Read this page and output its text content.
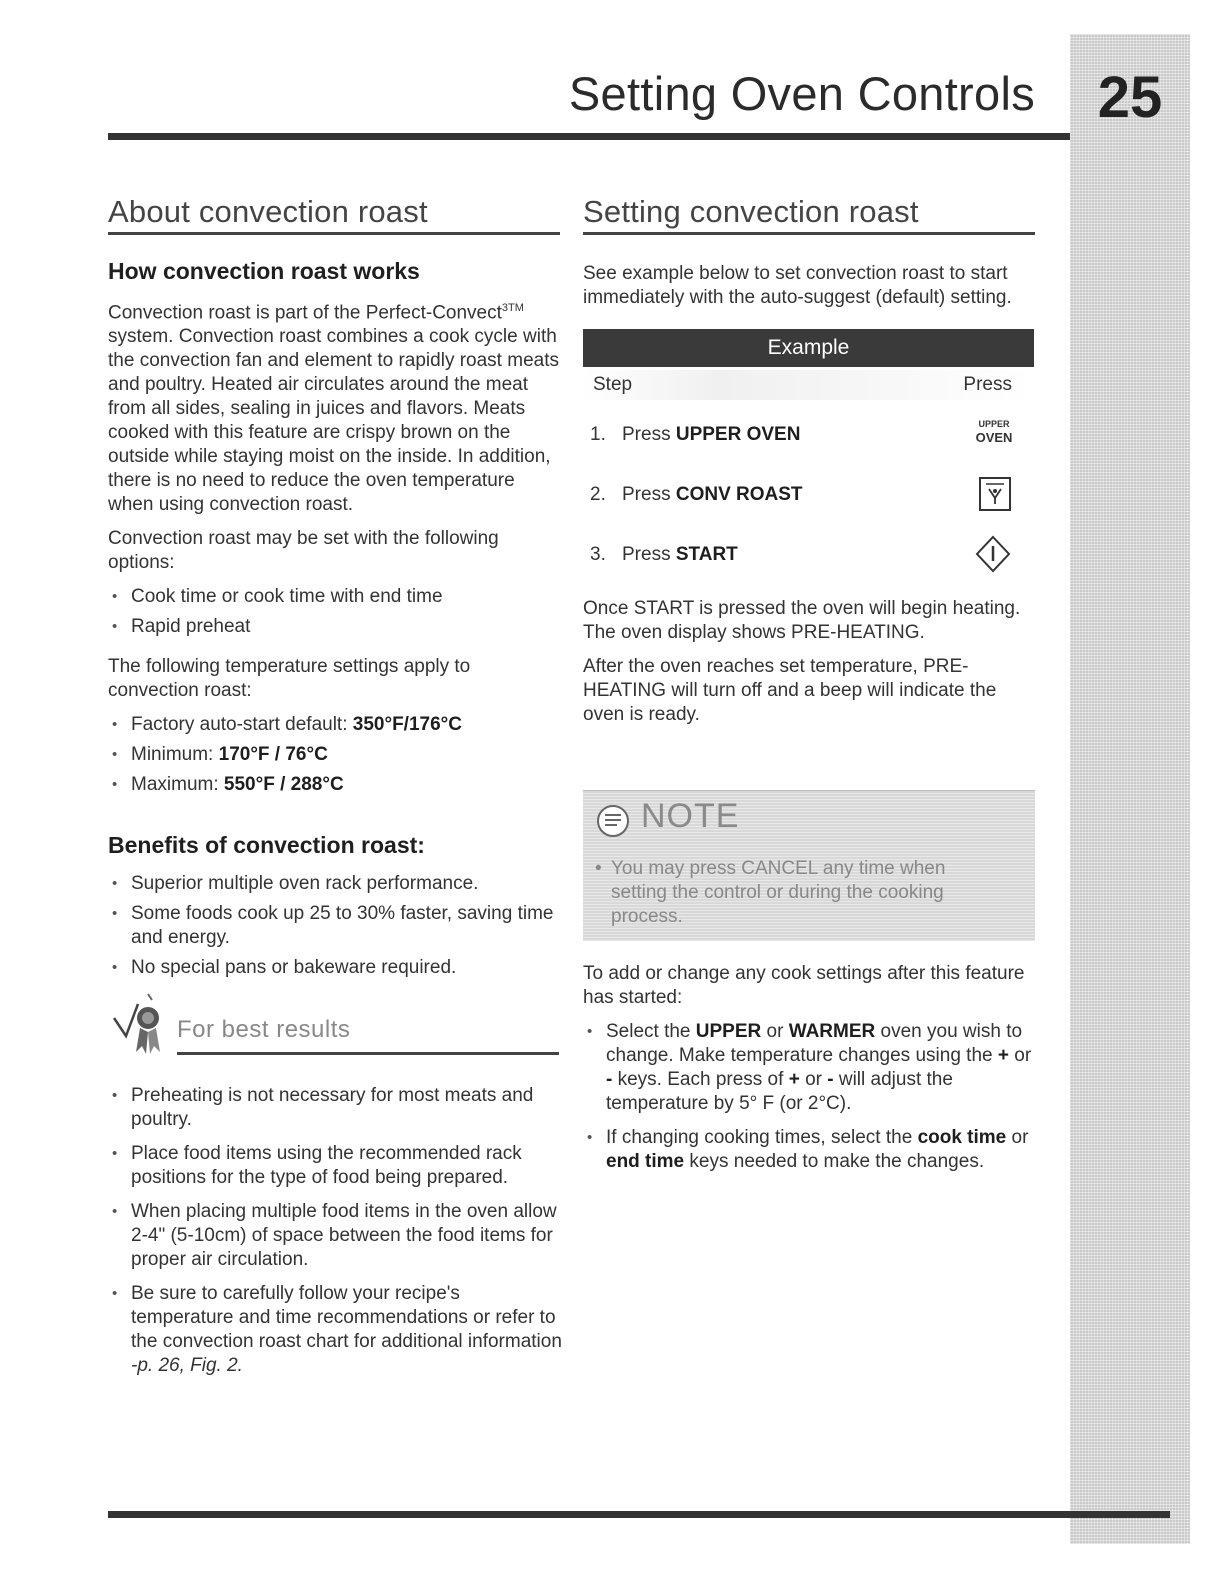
25
Setting Oven Controls
About convection roast
How convection roast works

Convection roast is part of the Perfect-Convect$^{3TM}$ system. Convection roast combines a cook cycle with the convection fan and element to rapidly roast meats and poultry. Heated air circulates around the meat from all sides, sealing in juices and flavors. Meats cooked with this feature are crispy brown on the outside while staying moist on the inside. In addition, there is no need to reduce the oven temperature when using convection roast.

Convection roast may be set with the following options:

• Cook time or cook time with end time
• Rapid preheat

The following temperature settings apply to convection roast:

• Factory auto-start default: 350°F/176°C
• Minimum: 170°F / 76°C
• Maximum: 550°F / 288°C
Benefits of convection roast:
• Superior multiple oven rack performance.
• Some foods cook up 25 to 30% faster, saving time and energy.
• No special pans or bakeware required.
For best results
• Preheating is not necessary for most meats and poultry.
• Place food items using the recommended rack positions for the type of food being prepared.
• When placing multiple food items in the oven allow 2-4" (5-10cm) of space between the food items for proper air circulation.
• Be sure to carefully follow your recipe's temperature and time recommendations or refer to the convection roast chart for additional information -p. 26, Fig. 2.
Setting convection roast
See example below to set convection roast to start immediately with the auto-suggest (default) setting.
Example
Step	Press
1. Press UPPER OVEN	UPPER
OVEN
2. Press CONV ROAST
3. Press START

Once START is pressed the oven will begin heating. The oven display shows PRE-HEATING.

After the oven reaches set temperature, PRE-HEATING will turn off and a beep will indicate the oven is ready.

NOTE
• You may press CANCEL any time when setting the control or during the cooking process.

To add or change any cook settings after this feature has started:

• Select the UPPER or WARMER oven you wish to change. Make temperature changes using the + or - keys. Each press of + or - will adjust the temperature by 5° F (or 2°C).
• If changing cooking times, select the cook time or end time keys needed to make the changes.
